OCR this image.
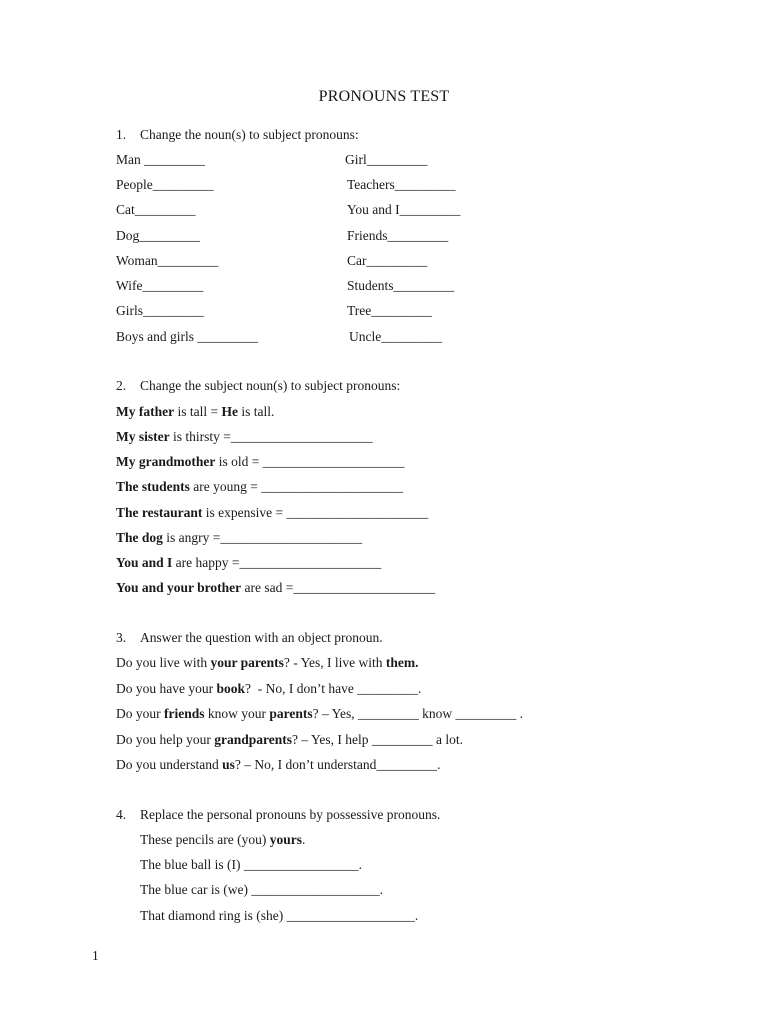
PRONOUNS TEST
1. Change the noun(s) to subject pronouns:
Man _________
People_________
Cat_________
Dog_________
Woman_________
Wife_________
Girls_________
Boys and girls _________
Girl_________
Teachers_________
You and I_________
Friends_________
Car_________
Students_________
Tree_________
Uncle_________
2. Change the subject noun(s) to subject pronouns:
My father is tall = He is tall.
My sister is thirsty =_____________________
My grandmother is old = _____________________
The students are young = _____________________
The restaurant is expensive = _____________________
The dog is angry =_____________________
You and I are happy =_____________________
You and your brother are sad =_____________________
3. Answer the question with an object pronoun.
Do you live with your parents? - Yes, I live with them.
Do you have your book?  - No, I don’t have _________.
Do your friends know your parents? – Yes, _________ know _________ .
Do you help your grandparents? – Yes, I help _________ a lot.
Do you understand us? – No, I don’t understand_________.
4. Replace the personal pronouns by possessive pronouns.
These pencils are (you) yours.
The blue ball is (I) _________________.
The blue car is (we) ___________________.
That diamond ring is (she) ___________________.
1
